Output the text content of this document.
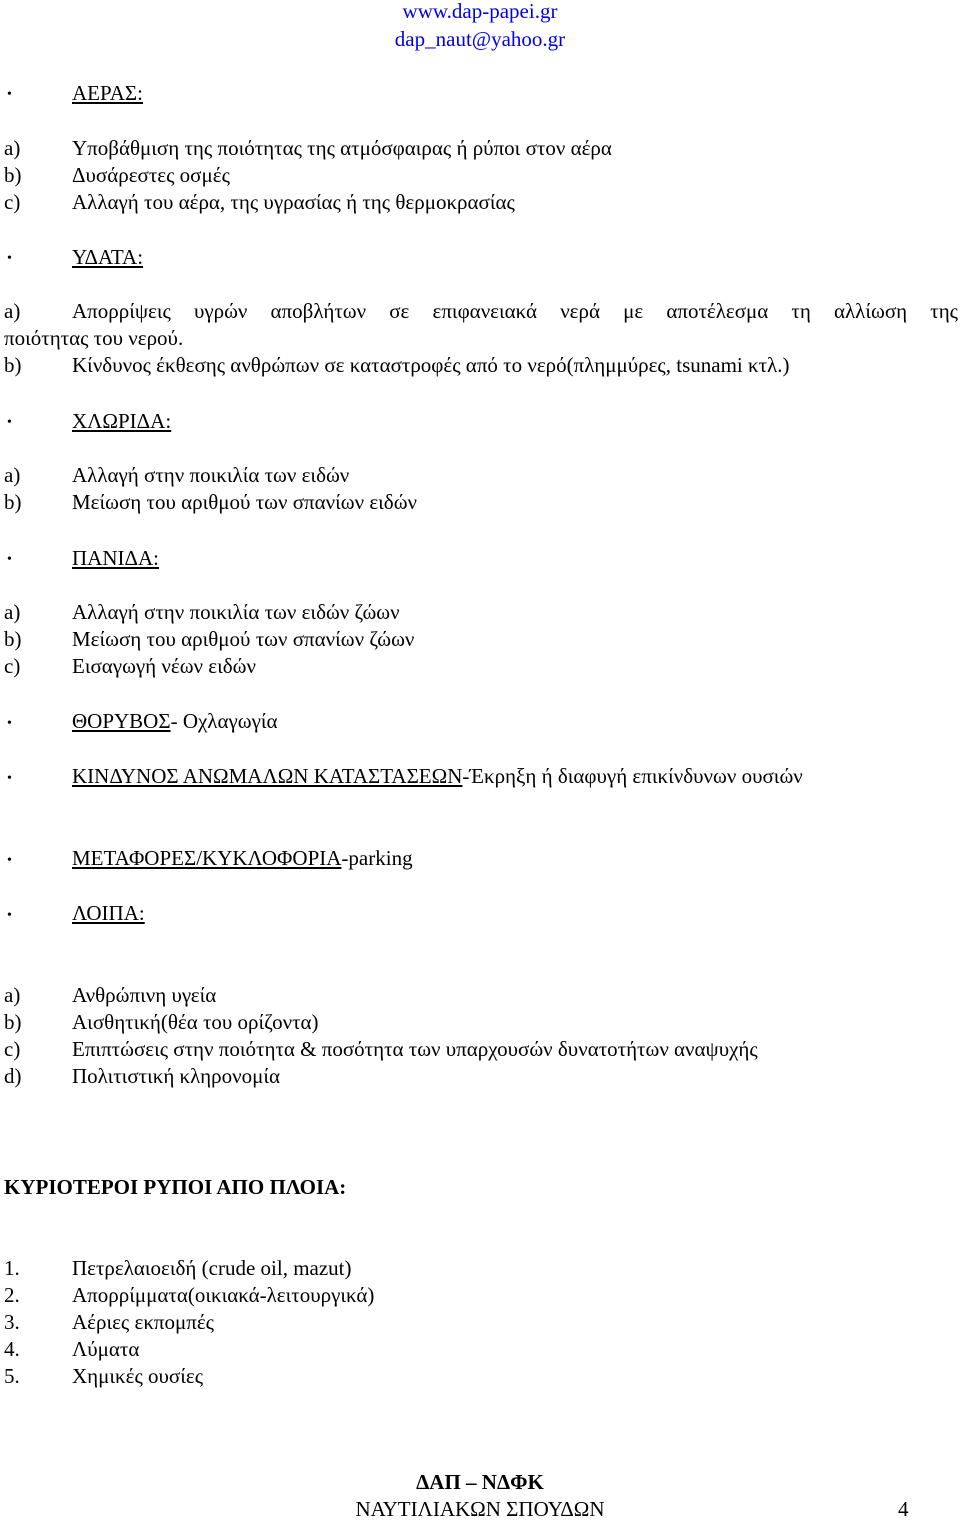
www.dap-papei.gr
dap_naut@yahoo.gr
•	ΑΕΡΑΣ:
a) Υποβάθμιση της ποιότητας της ατμόσφαιρας ή ρύποι στον αέρα
b) Δυσάρεστες οσμές
c) Αλλαγή του αέρα, της υγρασίας ή της θερμοκρασίας
•	ΥΔΑΤΑ:
a) Απορρίψεις υγρών αποβλήτων σε επιφανειακά νερά με αποτέλεσμα τη αλλίωση της
ποιότητας του νερού.
b) Κίνδυνος έκθεσης ανθρώπων σε καταστροφές από το νερό(πλημμύρες, tsunami κτλ.)
•	ΧΛΩΡΙΔΑ:
a) Αλλαγή στην ποικιλία των ειδών
b) Μείωση του αριθμού των σπανίων ειδών
•	ΠΑΝΙΔΑ:
a) Αλλαγή στην ποικιλία των ειδών ζώων
b) Μείωση του αριθμού των σπανίων ζώων
c) Εισαγωγή νέων ειδών
•	ΘΟΡΥΒΟΣ- Οχλαγωγία
•	ΚΙΝΔΥΝΟΣ ΑΝΩΜΑΛΩΝ ΚΑΤΑΣΤΑΣΕΩΝ-Έκρηξη ή διαφυγή επικίνδυνων ουσιών
•	ΜΕΤΑΦΟΡΕΣ/ΚΥΚΛΟΦΟΡΙΑ-parking
•	ΛΟΙΠΑ:
a) Ανθρώπινη υγεία
b) Αισθητική(θέα του ορίζοντα)
c) Επιπτώσεις στην ποιότητα & ποσότητα των υπαρχουσών δυνατοτήτων αναψυχής
d) Πολιτιστική κληρονομία
ΚΥΡΙΟΤΕΡΟΙ ΡΥΠΟΙ ΑΠΟ ΠΛΟΙΑ:
1. Πετρελαιοειδή (crude oil, mazut)
2. Απορρίμματα(οικιακά-λειτουργικά)
3. Αέριες εκπομπές
4. Λύματα
5. Χημικές ουσίες
ΔΑΠ – ΝΔΦΚ
ΝΑΥΤΙΛΙΑΚΩΝ ΣΠΟΥΔΩΝ	4
